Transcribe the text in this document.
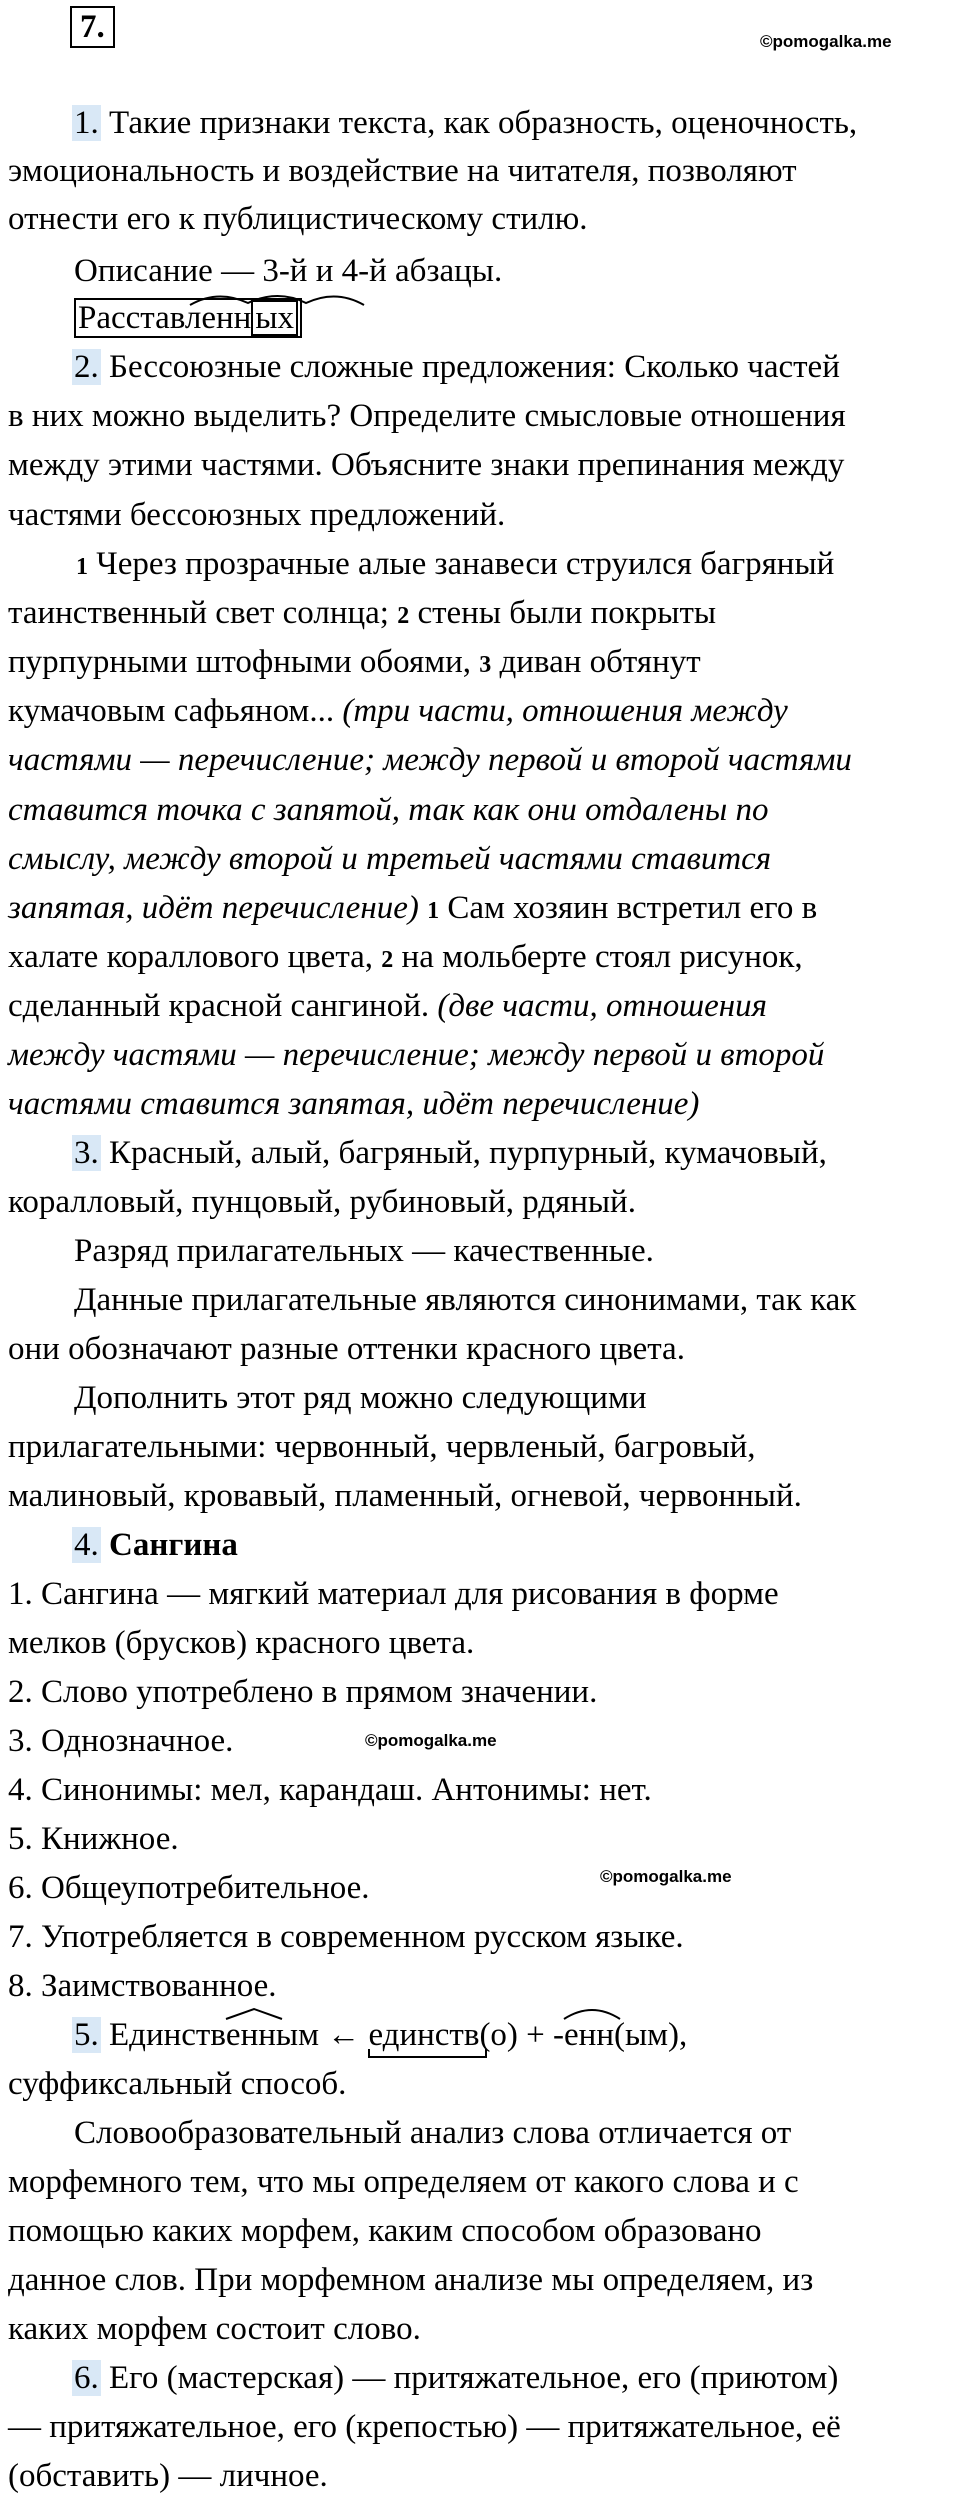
7.	©pomogalka.me
1. Такие признаки текста, как образность, оценочность,
эмоциональность и воздействие на читателя, позволяют
отнести его к публицистическому стилю.
Описание — 3-й и 4-й абзацы.
Расставленн ых
2. Бессоюзные сложные предложения: Сколько частей
в них можно выделить? Определите смысловые отношения
между этими частями. Объясните знаки препинания между
частями бессоюзных предложений.
1 Через прозрачные алые занавеси струился багряный
таинственный свет солнца; 2 стены были покрыты
пурпурными штофными обоями, 3 диван обтянут
кумачовым сафьяном... (три части, отношения между
частями — перечисление; между первой и второй частями
ставится точка с запятой, так как они отдалены по
смыслу, между второй и третьей частями ставится
запятая, идёт перечисление) 1 Сам хозяин встретил его в
халате кораллового цвета, 2 на мольберте стоял рисунок,
сделанный красной сангиной. (две части, отношения
между частями — перечисление; между первой и второй
частями ставится запятая, идёт перечисление)
3. Красный, алый, багряный, пурпурный, кумачовый,
коралловый, пунцовый, рубиновый, рдяный.
Разряд прилагательных — качественные.
Данные прилагательные являются синонимами, так как
они обозначают разные оттенки красного цвета.
Дополнить этот ряд можно следующими
прилагательными: червонный, червленый, багровый,
малиновый, кровавый, пламенный, огневой, червонный.
4. Сангина
1. Сангина — мягкий материал для рисования в форме
мелков (брусков) красного цвета.
2. Слово употреблено в прямом значении.
3. Однозначное.	©pomogalka.me
4. Синонимы: мел, карандаш. Антонимы: нет.
5. Книжное.
6. Общеупотребительное.	©pomogalka.me
7. Употребляется в современном русском языке.
8. Заимствованное.
5. Единств
енным ← единств
(о) + -
енн(ым),
суффиксальный способ.
Словообразовательный анализ слова отличается от
морфемного тем, что мы определяем от какого слова и с
помощью каких морфем, каким способом образовано
данное слов. При морфемном анализе мы определяем, из
каких морфем состоит слово.
6. Его (мастерская) — притяжательное, его (приютом)
— притяжательное, его (крепостью) — притяжательное, её
(обставить) — личное.
